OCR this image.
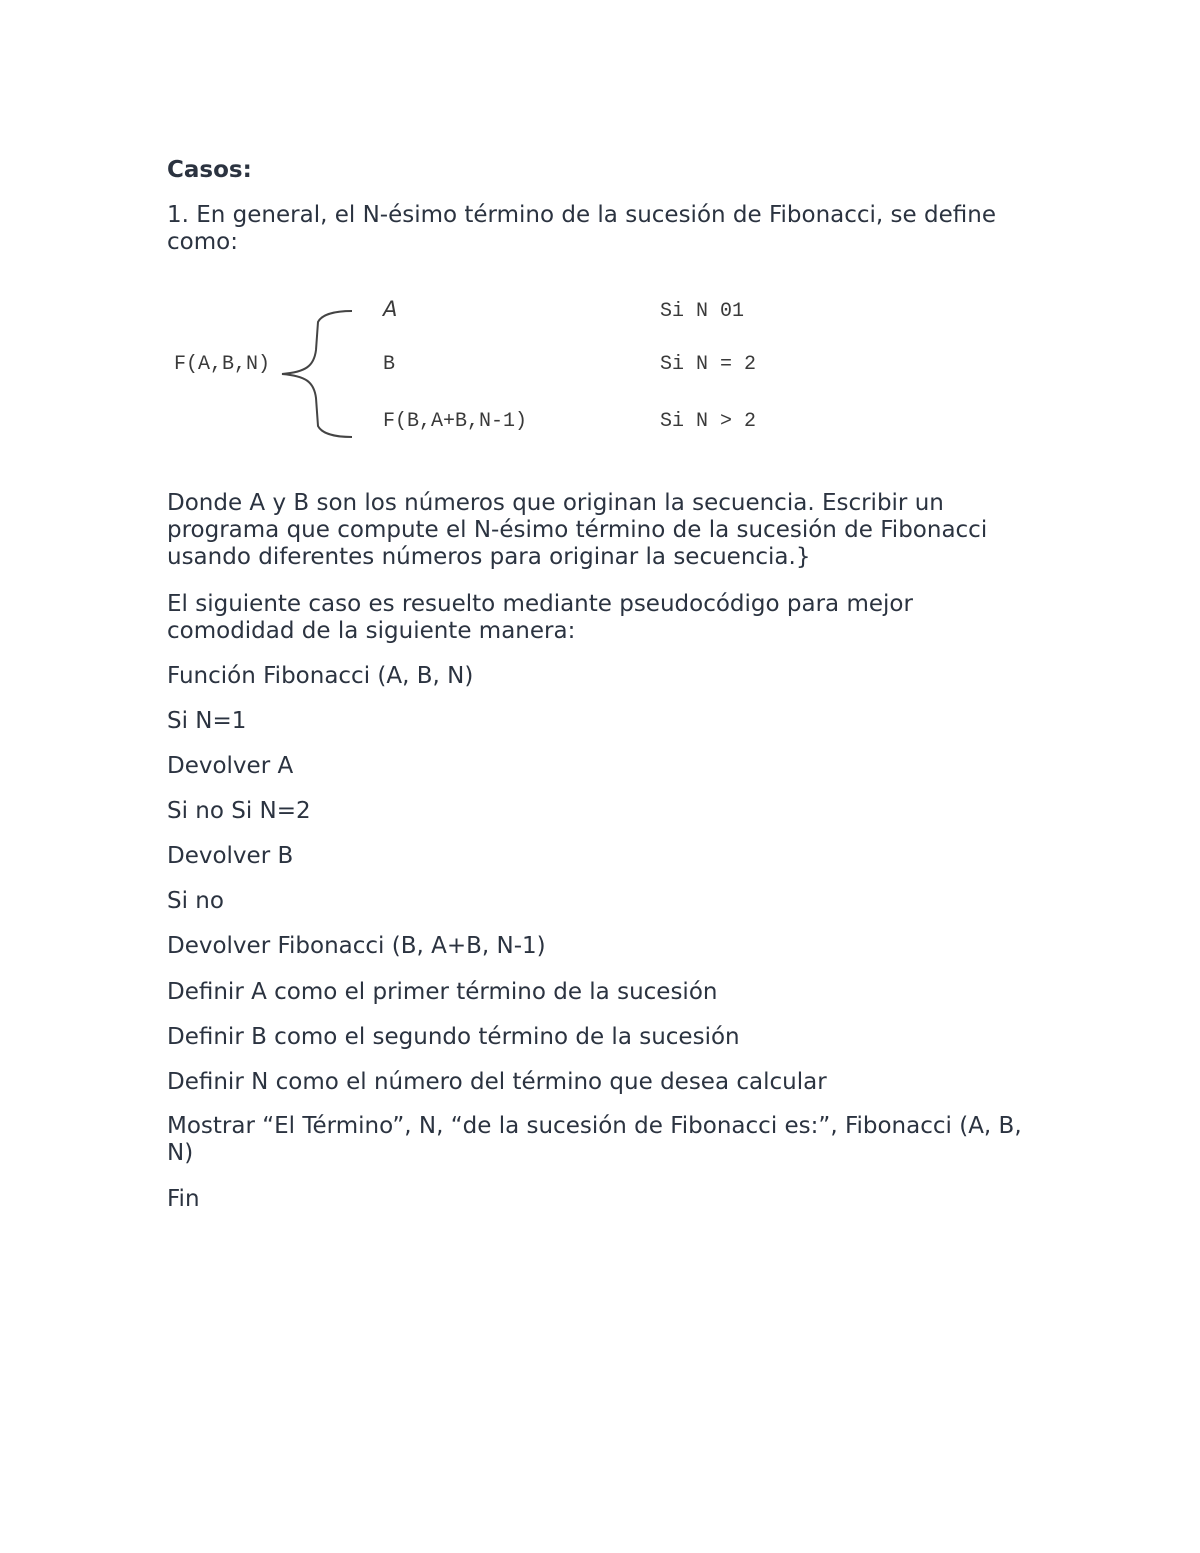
Casos:

1. En general, el N-ésimo término de la sucesión de Fibonacci, se define como:

F(A,B,N)
A	Si N 01
B	Si N = 2
F(B,A+B,N-1)	Si N > 2

Donde A y B son los números que originan la secuencia. Escribir un programa que compute el N-ésimo término de la sucesión de Fibonacci usando diferentes números para originar la secuencia.}

El siguiente caso es resuelto mediante pseudocódigo para mejor comodidad de la siguiente manera:

Función Fibonacci (A, B, N)

Si N=1

Devolver A

Si no Si N=2

Devolver B

Si no

Devolver Fibonacci (B, A+B, N-1)

Definir A como el primer término de la sucesión

Definir B como el segundo término de la sucesión

Definir N como el número del término que desea calcular

Mostrar “El Término”, N, “de la sucesión de Fibonacci es:”, Fibonacci (A, B, N)

Fin
